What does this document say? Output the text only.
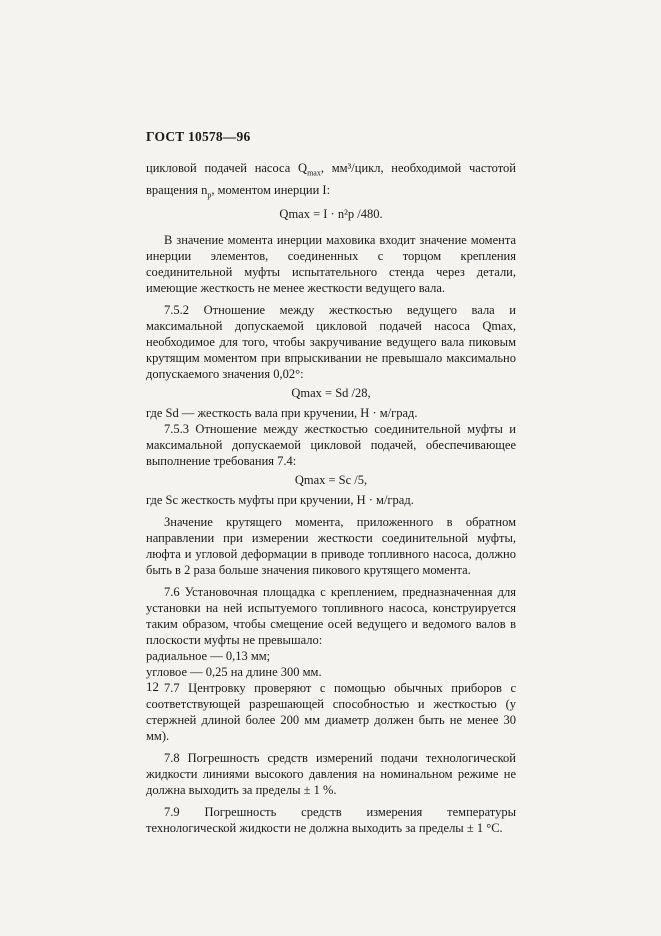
ГОСТ 10578—96

цикловой подачей насоса $Q_{max}$, мм³/цикл, необходимой частотой вращения $n_p$, моментом инерции I:

Qmax = I · n²p /480.

В значение момента инерции маховика входит значение момента инерции элементов, соединенных с торцом крепления соединительной муфты испытательного стенда через детали, имеющие жесткость не менее жесткости ведущего вала.

7.5.2 Отношение между жесткостью ведущего вала и максимальной допускаемой цикловой подачей насоса Qmax, необходимое для того, чтобы закручивание ведущего вала пиковым крутящим моментом при впрыскивании не превышало максимально допускаемого значения 0,02°:

Qmax = Sd /28,

где Sd — жесткость вала при кручении, Н · м/град.

7.5.3 Отношение между жесткостью соединительной муфты и максимальной допускаемой цикловой подачей, обеспечивающее выполнение требования 7.4:

Qmax = Sc /5,

где Sc жесткость муфты при кручении, Н · м/град.

Значение крутящего момента, приложенного в обратном направлении при измерении жесткости соединительной муфты, люфта и угловой деформации в приводе топливного насоса, должно быть в 2 раза больше значения пикового крутящего момента.

7.6 Установочная площадка с креплением, предназначенная для установки на ней испытуемого топливного насоса, конструируется таким образом, чтобы смещение осей ведущего и ведомого валов в плоскости муфты не превышало:

радиальное — 0,13 мм;
угловое — 0,25 на длине 300 мм.

7.7 Центровку проверяют с помощью обычных приборов с соответствующей разрешающей способностью и жесткостью (у стержней длиной более 200 мм диаметр должен быть не менее 30 мм).

7.8 Погрешность средств измерений подачи технологической жидкости линиями высокого давления на номинальном режиме не должна выходить за пределы ± 1 %.

7.9 Погрешность средств измерения температуры технологической жидкости не должна выходить за пределы ± 1 °С.

12
